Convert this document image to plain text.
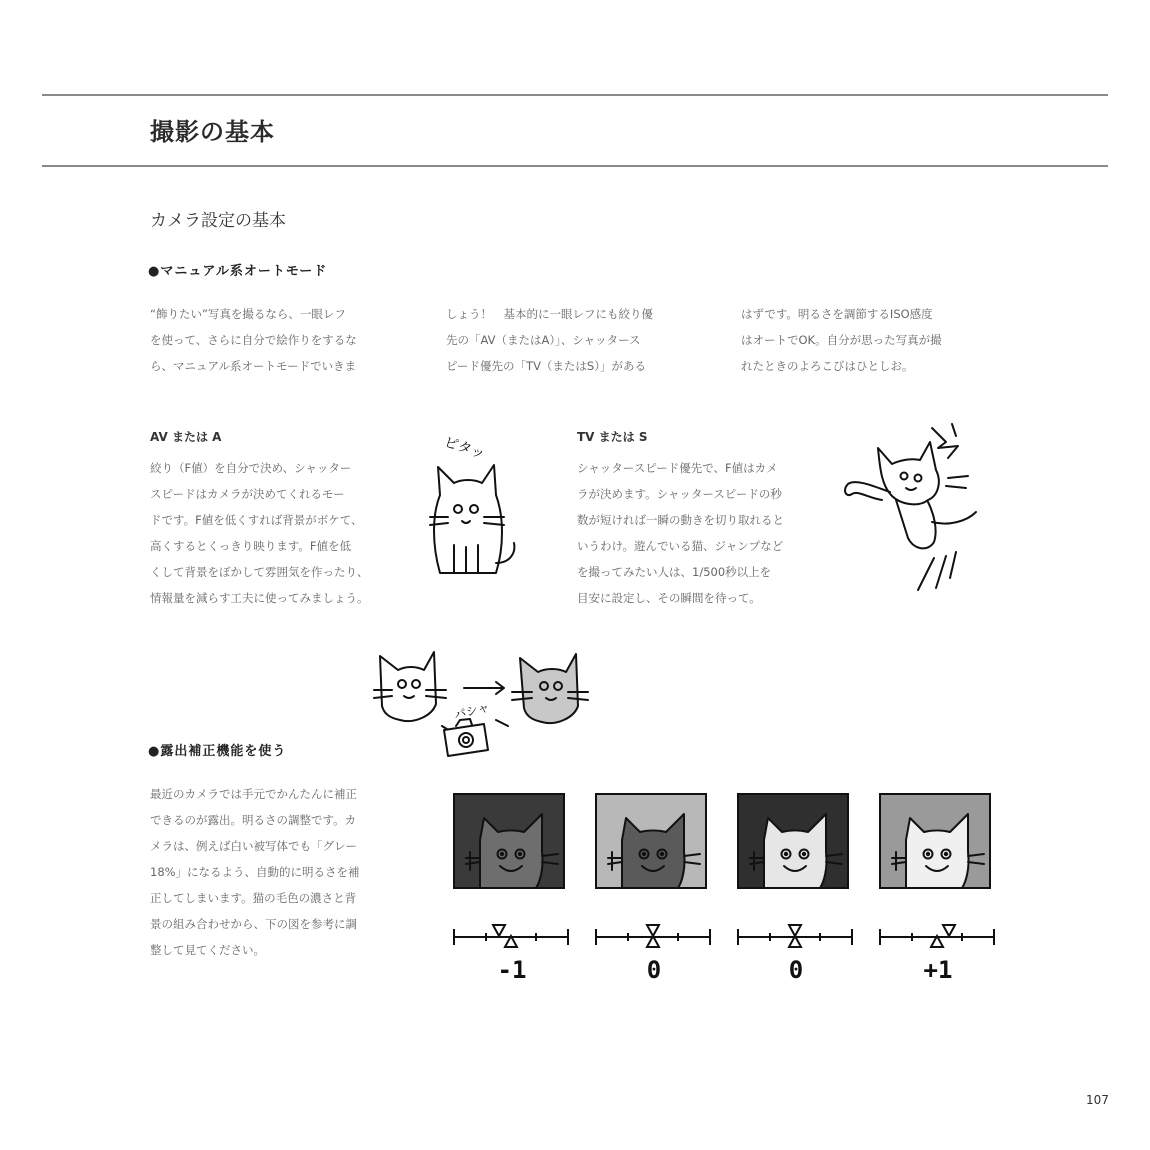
撮影の基本
カメラ設定の基本
●マニュアル系オートモード
“飾りたい”写真を撮るなら、一眼レフ
を使って、さらに自分で絵作りをするな
ら、マニュアル系オートモードでいきま
しょう！　基本的に一眼レフにも絞り優
先の「AV（またはA）」、シャッタース
ピード優先の「TV（またはS）」がある
はずです。明るさを調節するISO感度
はオートでOK。自分が思った写真が撮
れたときのよろこびはひとしお。
AV または A
絞り（F値）を自分で決め、シャッター
スピードはカメラが決めてくれるモー
ドです。F値を低くすれば背景がボケて、
高くするとくっきり映ります。F値を低
くして背景をぼかして雰囲気を作ったり、
情報量を減らす工夫に使ってみましょう。
ピタッ	TV または S
シャッタースピード優先で、F値はカメ
ラが決めます。シャッタースピードの秒
数が短ければ一瞬の動きを切り取れると
いうわけ。遊んでいる猫、ジャンプなど
を撮ってみたい人は、1/500秒以上を
目安に設定し、その瞬間を待って。
パシャ
●露出補正機能を使う
最近のカメラでは手元でかんたんに補正
できるのが露出。明るさの調整です。カ
メラは、例えば白い被写体でも「グレー
18%」になるよう、自動的に明るさを補
正してしまいます。猫の毛色の濃さと背
景の組み合わせから、下の図を参考に調
整して見てください。
-1	0	0	+1
107
